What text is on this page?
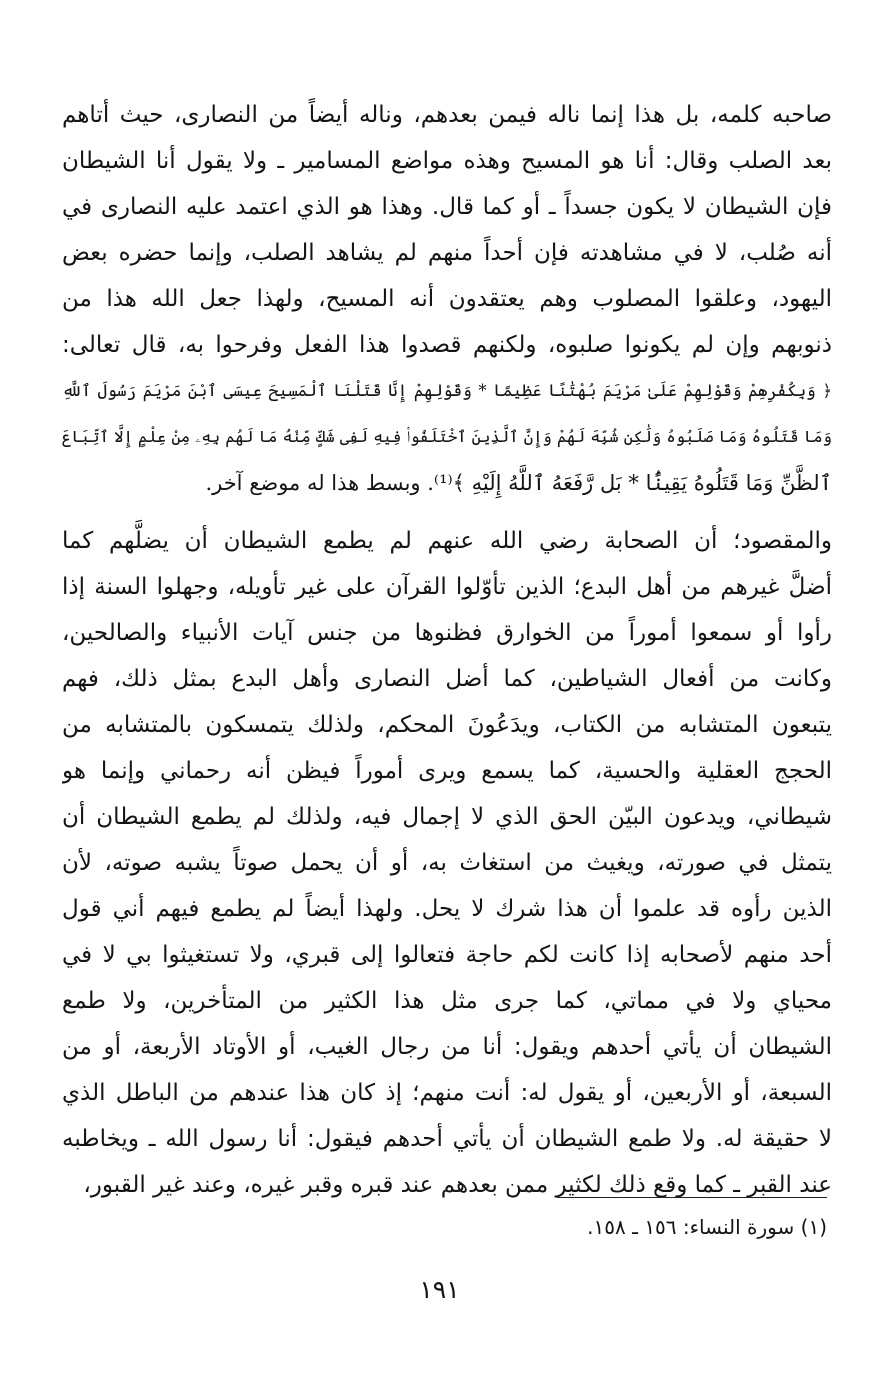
صاحبه كلمه، بل هذا إنما ناله فيمن بعدهم، وناله أيضاً من النصارى، حيث أتاهم
بعد الصلب وقال: أنا هو المسيح وهذه مواضع المسامير ـ ولا يقول أنا الشيطان
فإن الشيطان لا يكون جسداً ـ أو كما قال. وهذا هو الذي اعتمد عليه النصارى في
أنه صُلب، لا في مشاهدته فإن أحداً منهم لم يشاهد الصلب، وإنما حضره بعض
اليهود، وعلقوا المصلوب وهم يعتقدون أنه المسيح، ولهذا جعل الله هذا من
ذنوبهم وإن لم يكونوا صلبوه، ولكنهم قصدوا هذا الفعل وفرحوا به، قال تعالى:
﴿ وَبِكُفْرِهِمْ وَقَوْلِهِمْ عَلَىٰ مَرْيَمَ بُهْتَٰنًا عَظِيمًا * وَقَوْلِهِمْ إِنَّا قَتَلْنَا ٱلْمَسِيحَ عِيسَى ٱبْنَ مَرْيَمَ رَسُولَ ٱللَّهِ
وَمَا قَتَلُوهُ وَمَا صَلَبُوهُ وَلَٰكِن شُبِّهَ لَهُمْ وَإِنَّ ٱلَّذِينَ ٱخْتَلَفُوا۟ فِيهِ لَفِى شَكٍّ مِّنْهُ مَا لَهُم بِهِۦ مِنْ عِلْمٍ إِلَّا ٱتِّبَاعَ
ٱلظَّنِّ وَمَا قَتَلُوهُ يَقِينًۢا * بَل رَّفَعَهُ ٱللَّهُ إِلَيْهِ ﴾⁽¹⁾. وبسط هذا له موضع آخر.
والمقصود؛ أن الصحابة رضي الله عنهم لم يطمع الشيطان أن يضلَّهم كما
أضلَّ غيرهم من أهل البدع؛ الذين تأوّلوا القرآن على غير تأويله، وجهلوا السنة إذا
رأوا أو سمعوا أموراً من الخوارق فظنوها من جنس آيات الأنبياء والصالحين،
وكانت من أفعال الشياطين، كما أضل النصارى وأهل البدع بمثل ذلك، فهم
يتبعون المتشابه من الكتاب، ويدَعُونَ المحكم، ولذلك يتمسكون بالمتشابه من
الحجج العقلية والحسية، كما يسمع ويرى أموراً فيظن أنه رحماني وإنما هو
شيطاني، ويدعون البيّن الحق الذي لا إجمال فيه، ولذلك لم يطمع الشيطان أن
يتمثل في صورته، ويغيث من استغاث به، أو أن يحمل صوتاً يشبه صوته، لأن
الذين رأوه قد علموا أن هذا شرك لا يحل. ولهذا أيضاً لم يطمع فيهم أني قول
أحد منهم لأصحابه إذا كانت لكم حاجة فتعالوا إلى قبري، ولا تستغيثوا بي لا في
محياي ولا في مماتي، كما جرى مثل هذا الكثير من المتأخرين، ولا طمع
الشيطان أن يأتي أحدهم ويقول: أنا من رجال الغيب، أو الأوتاد الأربعة، أو من
السبعة، أو الأربعين، أو يقول له: أنت منهم؛ إذ كان هذا عندهم من الباطل الذي
لا حقيقة له. ولا طمع الشيطان أن يأتي أحدهم فيقول: أنا رسول الله ـ ويخاطبه
عند القبر ـ كما وقع ذلك لكثير ممن بعدهم عند قبره وقبر غيره، وعند غير القبور،
(١) سورة النساء: ١٥٦ ـ ١٥٨.
١٩١
